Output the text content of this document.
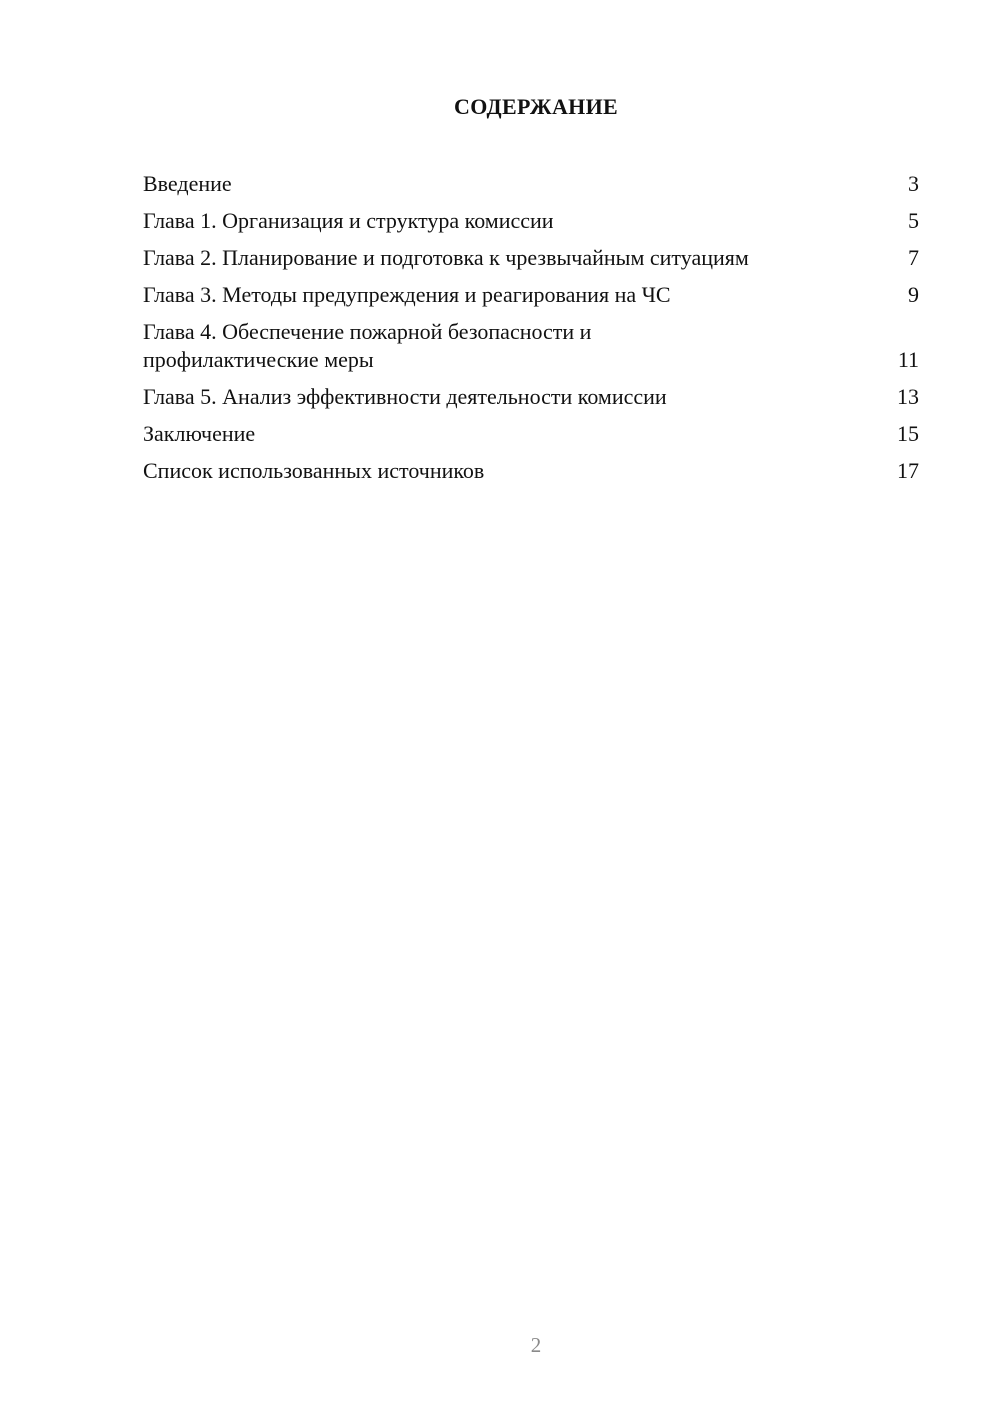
СОДЕРЖАНИЕ
Введение	3
Глава 1. Организация и структура комиссии	5
Глава 2. Планирование и подготовка к чрезвычайным ситуациям	7
Глава 3. Методы предупреждения и реагирования на ЧС	9
Глава 4. Обеспечение пожарной безопасности и профилактические меры	11
Глава 5. Анализ эффективности деятельности комиссии	13
Заключение	15
Список использованных источников	17
2
